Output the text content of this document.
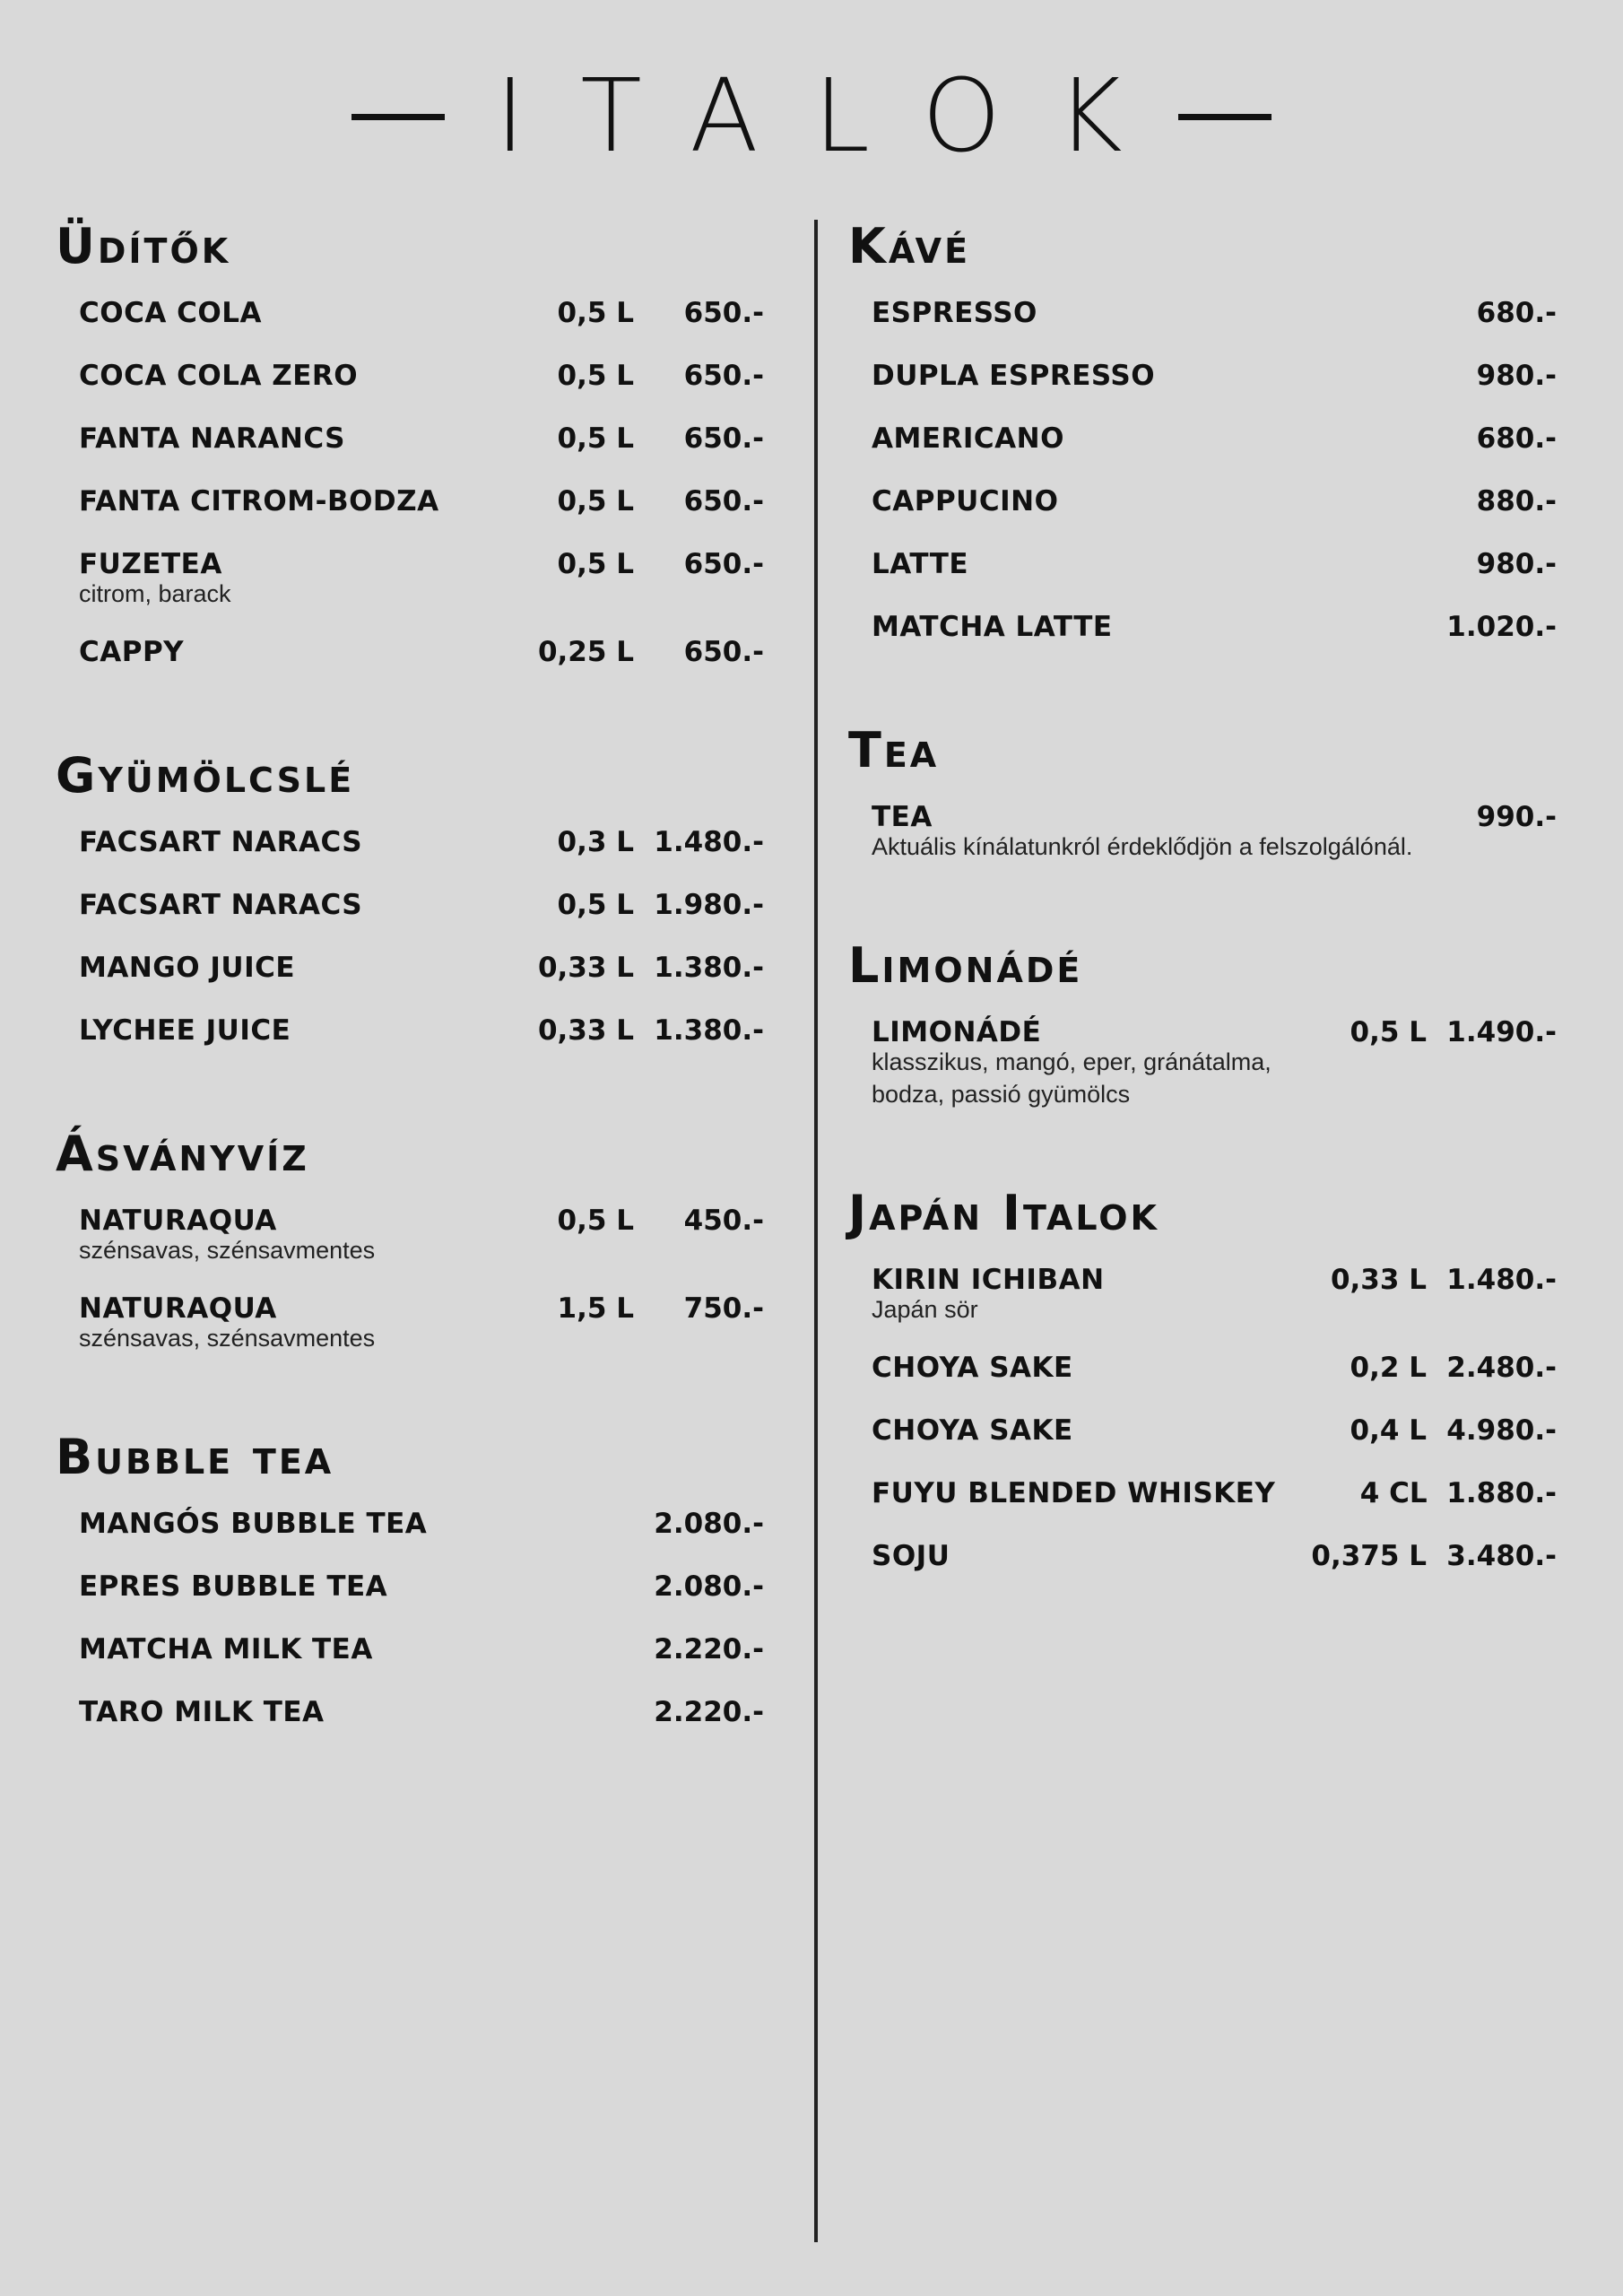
ITALOK
Üdítők
COCA COLA	0,5 L	650.-
COCA COLA ZERO	0,5 L	650.-
FANTA NARANCS	0,5 L	650.-
FANTA CITROM-BODZA	0,5 L	650.-
FUZETEA	0,5 L	650.-
citrom, barack
CAPPY	0,25 L	650.-
Gyümölcslé
FACSART NARACS	0,3 L 1.480.-
FACSART NARACS	0,5 L 1.980.-
MANGO JUICE	0,33 L 1.380.-
LYCHEE JUICE	0,33 L 1.380.-
Ásványvíz
NATURAQUA	0,5 L	450.-
szénsavas, szénsavmentes
NATURAQUA	1,5 L	750.-
szénsavas, szénsavmentes
Bubble tea
MANGÓS BUBBLE TEA	2.080.-
EPRES BUBBLE TEA	2.080.-
MATCHA MILK TEA	2.220.-
TARO MILK TEA	2.220.-
Kávé
ESPRESSO	680.-
DUPLA ESPRESSO	980.-
AMERICANO	680.-
CAPPUCINO	880.-
LATTE	980.-
MATCHA LATTE	1.020.-
Tea
TEA	990.-
Aktuális kínálatunkról érdeklődjön a felszolgálónál.
Limonádé
LIMONÁDÉ	0,5 L 1.490.-
klasszikus, mangó, eper, gránátalma,
bodza, passió gyümölcs
Japán Italok
KIRIN ICHIBAN	0,33 L 1.480.-
Japán sör
CHOYA SAKE	0,2 L 2.480.-
CHOYA SAKE	0,4 L 4.980.-
FUYU BLENDED WHISKEY	4 CL 1.880.-
SOJU	0,375 L 3.480.-
